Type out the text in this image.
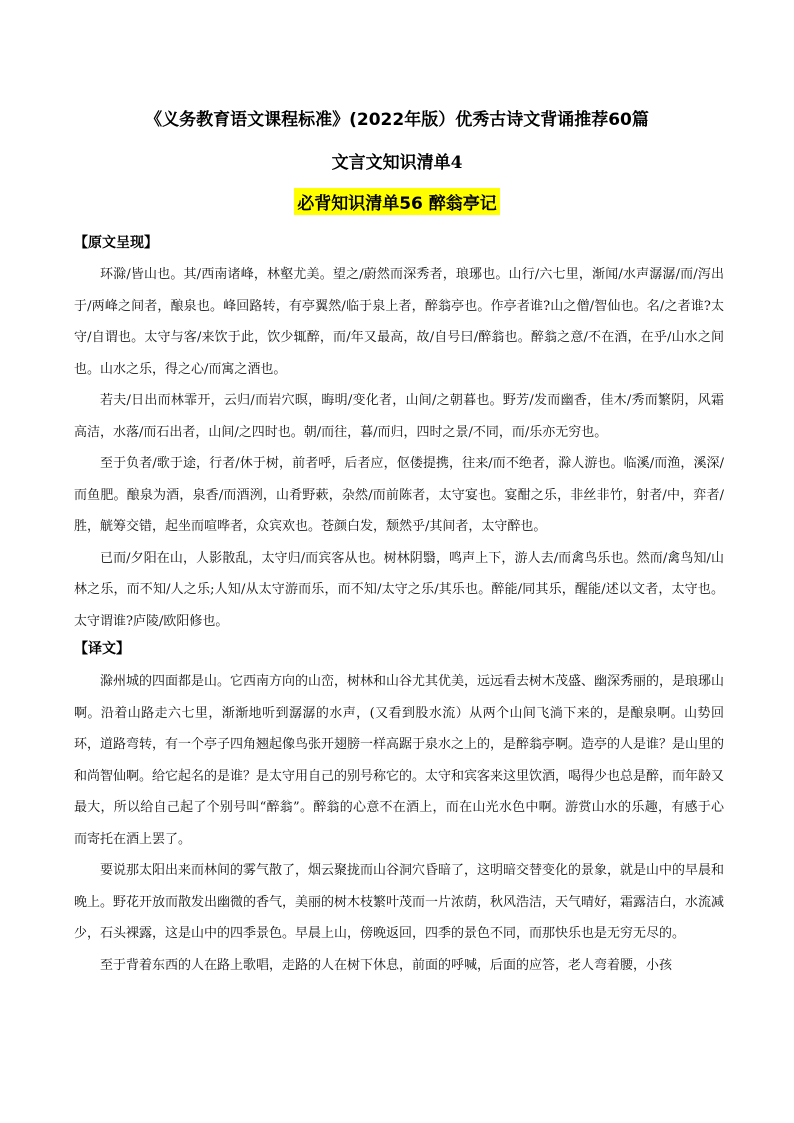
《义务教育语文课程标准》(2022年版）优秀古诗文背诵推荐60篇
文言文知识清单4
必背知识清单56 醉翁亭记
【原文呈现】

环滁/皆山也。其/西南诸峰，林壑尤美。望之/蔚然而深秀者，琅琊也。山行/六七里，渐闻/水声潺潺/而/泻出于/两峰之间者，酿泉也。峰回路转，有亭翼然/临于泉上者，醉翁亭也。作亭者谁?山之僧/智仙也。名/之者谁?太守/自谓也。太守与客/来饮于此，饮少辄醉，而/年又最高，故/自号曰/醉翁也。醉翁之意/不在酒，在乎/山水之间也。山水之乐，得之心/而寓之酒也。

若夫/日出而林霏开，云归/而岩穴暝，晦明/变化者，山间/之朝暮也。野芳/发而幽香，佳木/秀而繁阴，风霜高洁，水落/而石出者，山间/之四时也。朝/而往，暮/而归，四时之景/不同，而/乐亦无穷也。

至于负者/歌于途，行者/休于树，前者呼，后者应，伛偻提携，往来/而不绝者，滁人游也。临溪/而渔，溪深/而鱼肥。酿泉为酒，泉香/而酒洌，山肴野蔌，杂然/而前陈者，太守宴也。宴酣之乐，非丝非竹，射者/中，弈者/胜，觥筹交错，起坐而喧哗者，众宾欢也。苍颜白发，颓然乎/其间者，太守醉也。

已而/夕阳在山，人影散乱，太守归/而宾客从也。树林阴翳，鸣声上下，游人去/而禽鸟乐也。然而/禽鸟知/山林之乐，而不知/人之乐;人知/从太守游而乐，而不知/太守之乐/其乐也。醉能/同其乐，醒能/述以文者，太守也。太守谓谁?庐陵/欧阳修也。

【译文】

滁州城的四面都是山。它西南方向的山峦，树林和山谷尤其优美，远远看去树木茂盛、幽深秀丽的，是琅琊山啊。沿着山路走六七里，渐渐地听到潺潺的水声，(又看到股水流）从两个山间飞淌下来的，是酿泉啊。山势回环，道路弯转，有一个亭子四角翘起像鸟张开翅膀一样高踞于泉水之上的，是醉翁亭啊。造亭的人是谁？是山里的和尚智仙啊。给它起名的是谁？是太守用自己的别号称它的。太守和宾客来这里饮酒，喝得少也总是醉，而年龄又最大，所以给自己起了个别号叫“醉翁”。醉翁的心意不在酒上，而在山光水色中啊。游赏山水的乐趣，有感于心而寄托在酒上罢了。

要说那太阳出来而林间的雾气散了，烟云聚拢而山谷洞穴昏暗了，这明暗交替变化的景象，就是山中的早晨和晚上。野花开放而散发出幽微的香气，美丽的树木枝繁叶茂而一片浓荫，秋风浩洁，天气晴好，霜露洁白，水流减少，石头裸露，这是山中的四季景色。早晨上山，傍晚返回，四季的景色不同，而那快乐也是无穷无尽的。

至于背着东西的人在路上歌唱，走路的人在树下休息，前面的呼喊，后面的应答，老人弯着腰，小孩
